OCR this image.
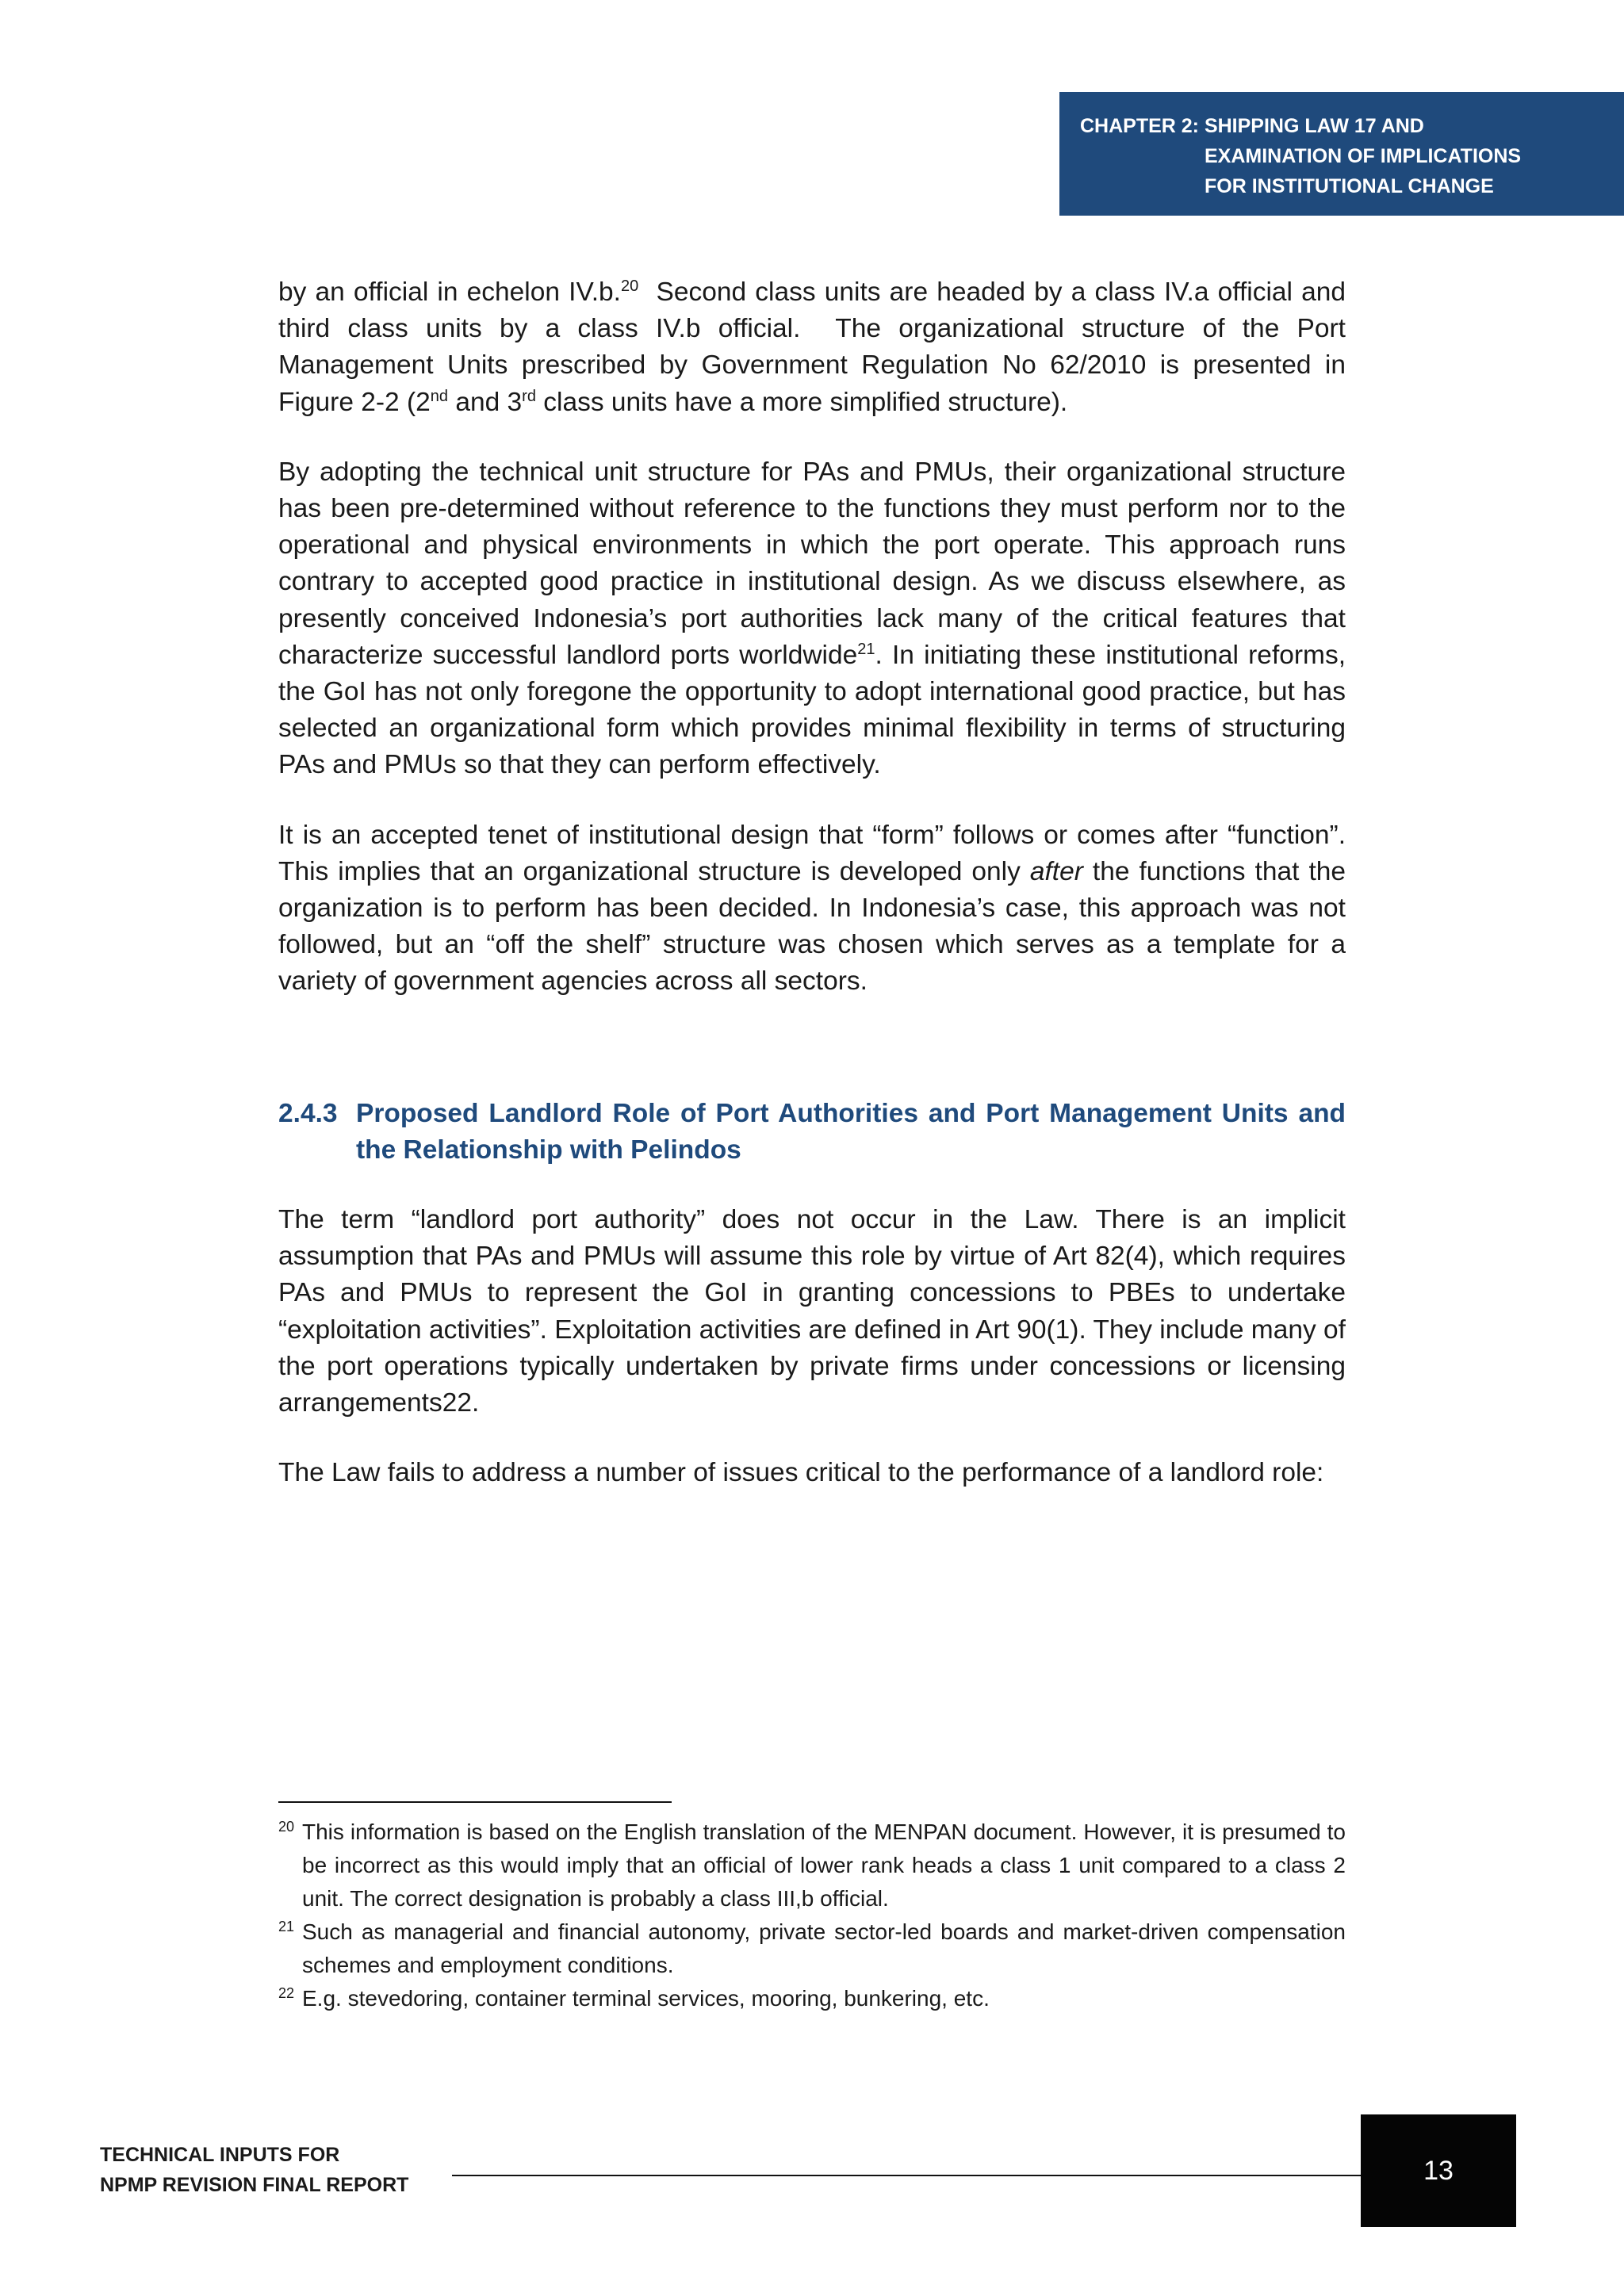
CHAPTER 2: SHIPPING LAW 17 AND
EXAMINATION OF IMPLICATIONS
FOR INSTITUTIONAL CHANGE

by an official in echelon IV.b.$^{20}$  Second class units are headed by a class IV.a official and third class units by a class IV.b official.  The organizational structure of the Port Management Units prescribed by Government Regulation No 62/2010 is presented in Figure 2-2 (2nd and 3rd class units have a more simplified structure).

By adopting the technical unit structure for PAs and PMUs, their organizational structure has been pre-determined without reference to the functions they must perform nor to the operational and physical environments in which the port operate. This approach runs contrary to accepted good practice in institutional design. As we discuss elsewhere, as presently conceived Indonesia’s port authorities lack many of the critical features that characterize successful landlord ports worldwide$^{21}$. In initiating these institutional reforms, the GoI has not only foregone the opportunity to adopt international good practice, but has selected an organizational form which provides minimal flexibility in terms of structuring PAs and PMUs so that they can perform effectively.

It is an accepted tenet of institutional design that “form” follows or comes after “function”. This implies that an organizational structure is developed only after the functions that the organization is to perform has been decided. In Indonesia’s case, this approach was not followed, but an “off the shelf” structure was chosen which serves as a template for a variety of government agencies across all sectors.

2.4.3 Proposed Landlord Role of Port Authorities and Port Management Units and the Relationship with Pelindos

The term “landlord port authority” does not occur in the Law. There is an implicit assumption that PAs and PMUs will assume this role by virtue of Art 82(4), which requires PAs and PMUs to represent the GoI in granting concessions to PBEs to undertake “exploitation activities”. Exploitation activities are defined in Art 90(1). They include many of the port operations typically undertaken by private firms under concessions or licensing arrangements22.

The Law fails to address a number of issues critical to the performance of a landlord role:

20 This information is based on the English translation of the MENPAN document. However, it is presumed to be incorrect as this would imply that an official of lower rank heads a class 1 unit compared to a class 2 unit. The correct designation is probably a class III,b official.
21 Such as managerial and financial autonomy, private sector-led boards and market-driven compensation schemes and employment conditions.
22 E.g. stevedoring, container terminal services, mooring, bunkering, etc.
TECHNICAL INPUTS FOR
NPMP REVISION FINAL REPORT	13
